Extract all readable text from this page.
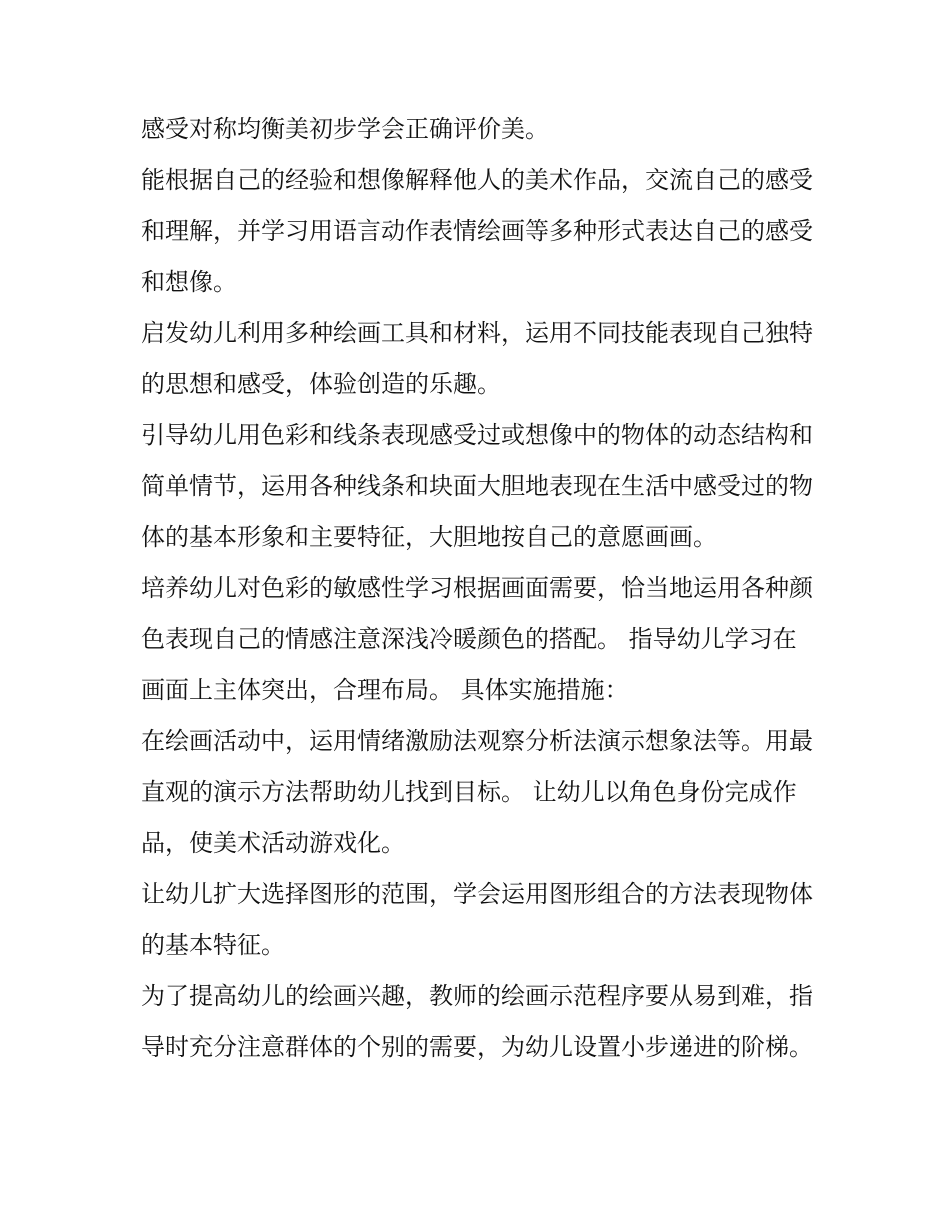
感受对称均衡美初步学会正确评价美。

能根据自己的经验和想像解释他人的美术作品，交流自己的感受和理解，并学习用语言动作表情绘画等多种形式表达自己的感受和想像。

启发幼儿利用多种绘画工具和材料，运用不同技能表现自己独特的思想和感受，体验创造的乐趣。

引导幼儿用色彩和线条表现感受过或想像中的物体的动态结构和简单情节，运用各种线条和块面大胆地表现在生活中感受过的物体的基本形象和主要特征，大胆地按自己的意愿画画。

培养幼儿对色彩的敏感性学习根据画面需要，恰当地运用各种颜色表现自己的情感注意深浅冷暖颜色的搭配。 指导幼儿学习在画面上主体突出，合理布局。 具体实施措施：

在绘画活动中，运用情绪激励法观察分析法演示想象法等。用最直观的演示方法帮助幼儿找到目标。 让幼儿以角色身份完成作品，使美术活动游戏化。

让幼儿扩大选择图形的范围，学会运用图形组合的方法表现物体的基本特征。

为了提高幼儿的绘画兴趣，教师的绘画示范程序要从易到难，指导时充分注意群体的个别的需要，为幼儿设置小步递进的阶梯。
